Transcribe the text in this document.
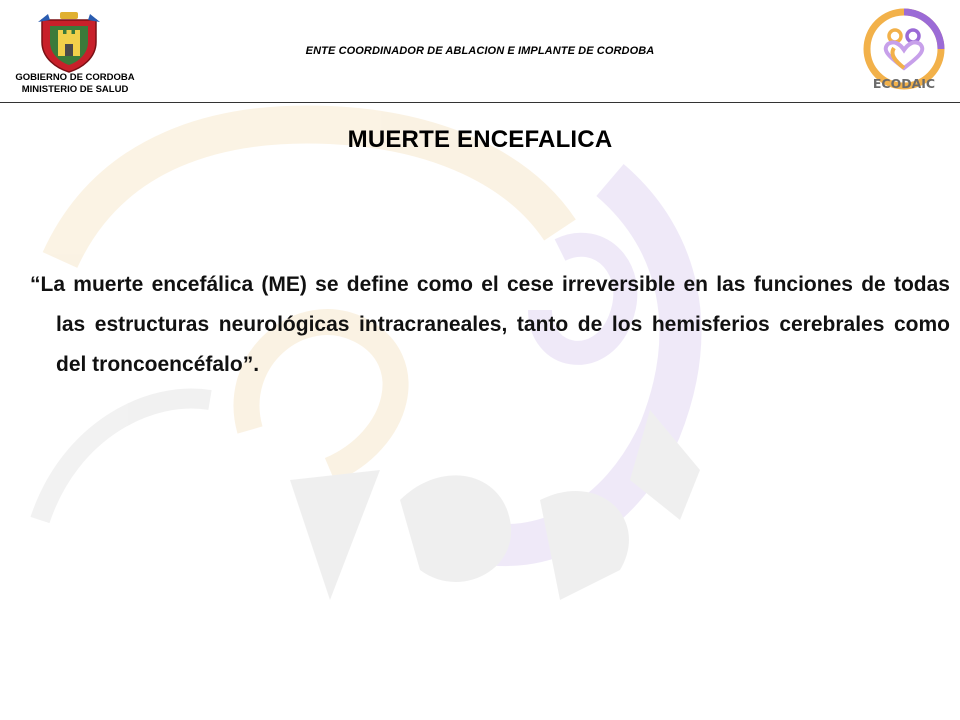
GOBIERNO DE CORDOBA
MINISTERIO DE SALUD
ENTE COORDINADOR DE ABLACION E IMPLANTE DE CORDOBA
ECODAIC
MUERTE ENCEFALICA
“La muerte encefálica (ME) se define como el cese irreversible en las funciones de todas las estructuras neurológicas intracraneales, tanto de los hemisferios cerebrales como del troncoencéfalo”.
